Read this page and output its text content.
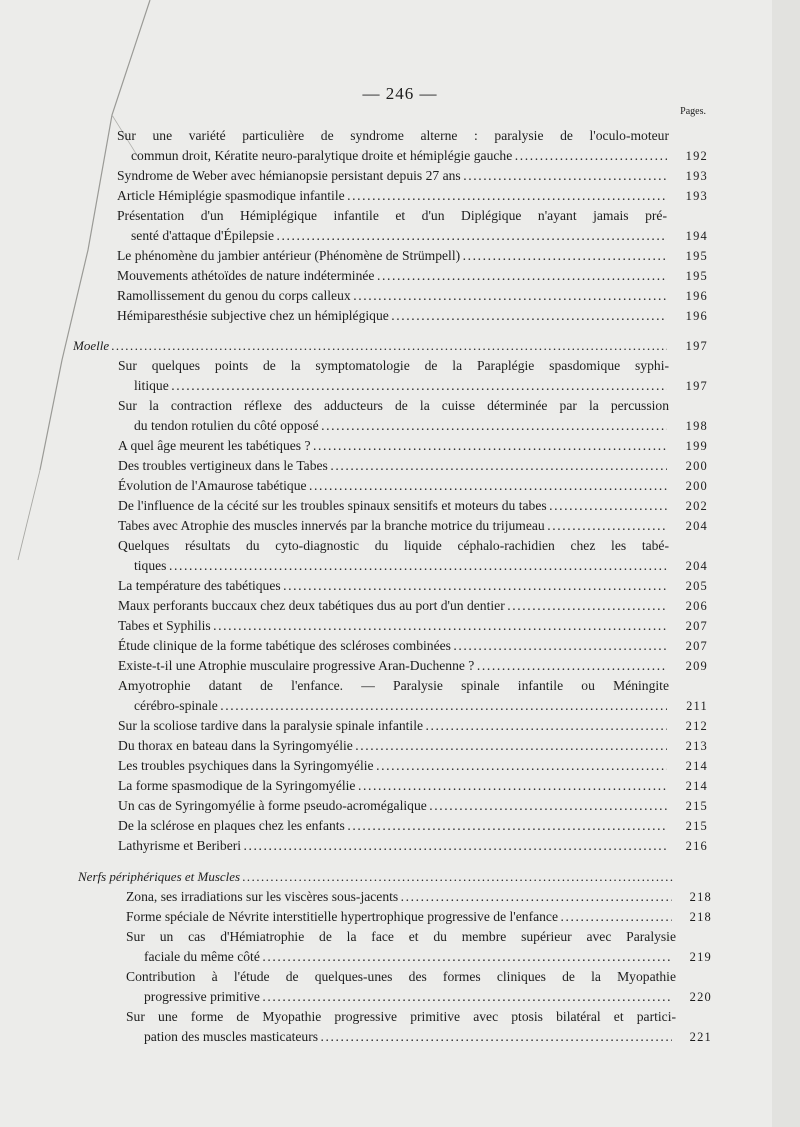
— 246 —
Pages.
Sur une variété particulière de syndrome alterne : paralysie de l'oculo-moteur
commun droit, Kératite neuro-paralytique droite et hémiplégie gauche . . .	192
Syndrome de Weber avec hémianopsie persistant depuis 27 ans . . .	193
Article Hémiplégie spasmodique infantile . . .	193
Présentation d'un Hémiplégique infantile et d'un Diplégique n'ayant jamais pré-
senté d'attaque d'Épilepsie . . .	194
Le phénomène du jambier antérieur (Phénomène de Strümpell) . . .	195
Mouvements athétoïdes de nature indéterminée . . .	195
Ramollissement du genou du corps calleux . . .	196
Hémiparesthésie subjective chez un hémiplégique . . .	196
Moelle . . .	197
Sur quelques points de la symptomatologie de la Paraplégie spasdomique syphi-
litique . . .	197
Sur la contraction réflexe des adducteurs de la cuisse déterminée par la percussion
du tendon rotulien du côté opposé . . .	198
A quel âge meurent les tabétiques ? . . .	199
Des troubles vertigineux dans le Tabes . . .	200
Évolution de l'Amaurose tabétique . . .	200
De l'influence de la cécité sur les troubles spinaux sensitifs et moteurs du tabes . . .	202
Tabes avec Atrophie des muscles innervés par la branche motrice du trijumeau . . .	204
Quelques résultats du cyto-diagnostic du liquide céphalo-rachidien chez les tabé-
tiques . . .	204
La température des tabétiques . . .	205
Maux perforants buccaux chez deux tabétiques dus au port d'un dentier . . .	206
Tabes et Syphilis . . .	207
Étude clinique de la forme tabétique des scléroses combinées . . .	207
Existe-t-il une Atrophie musculaire progressive Aran-Duchenne ? . . .	209
Amyotrophie datant de l'enfance. — Paralysie spinale infantile ou Méningite
cérébro-spinale . . .	211
Sur la scoliose tardive dans la paralysie spinale infantile . . .	212
Du thorax en bateau dans la Syringomyélie . . .	213
Les troubles psychiques dans la Syringomyélie . . .	214
La forme spasmodique de la Syringomyélie . . .	214
Un cas de Syringomyélie à forme pseudo-acromégalique . . .	215
De la sclérose en plaques chez les enfants . . .	215
Lathyrisme et Beriberi . . .	216
Nerfs périphériques et Muscles . . .
Zona, ses irradiations sur les viscères sous-jacents . . .	218
Forme spéciale de Névrite interstitielle hypertrophique progressive de l'enfance . . .	218
Sur un cas d'Hémiatrophie de la face et du membre supérieur avec Paralysie
faciale du même côté . . .	219
Contribution à l'étude de quelques-unes des formes cliniques de la Myopathie
progressive primitive . . .	220
Sur une forme de Myopathie progressive primitive avec ptosis bilatéral et partici-
pation des muscles masticateurs . . .	221
